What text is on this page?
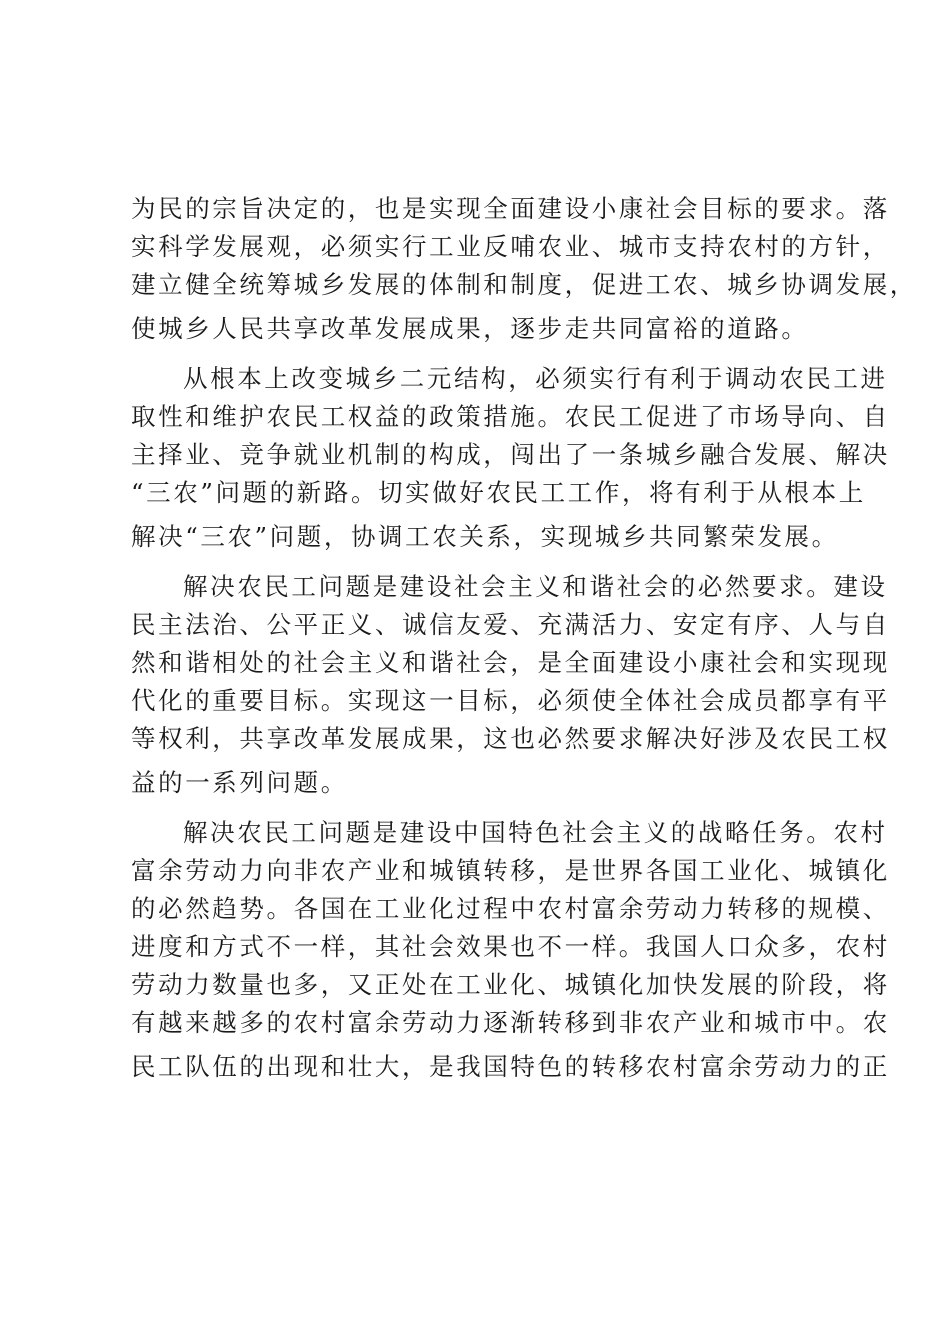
为民的宗旨决定的，也是实现全面建设小康社会目标的要求。落
实科学发展观，必须实行工业反哺农业、城市支持农村的方针，
建立健全统筹城乡发展的体制和制度，促进工农、城乡协调发展，
使城乡人民共享改革发展成果，逐步走共同富裕的道路。
从根本上改变城乡二元结构，必须实行有利于调动农民工进
取性和维护农民工权益的政策措施。农民工促进了市场导向、自
主择业、竞争就业机制的构成，闯出了一条城乡融合发展、解决
“三农”问题的新路。切实做好农民工工作，将有利于从根本上
解决“三农”问题，协调工农关系，实现城乡共同繁荣发展。
解决农民工问题是建设社会主义和谐社会的必然要求。建设
民主法治、公平正义、诚信友爱、充满活力、安定有序、人与自
然和谐相处的社会主义和谐社会，是全面建设小康社会和实现现
代化的重要目标。实现这一目标，必须使全体社会成员都享有平
等权利，共享改革发展成果，这也必然要求解决好涉及农民工权
益的一系列问题。
解决农民工问题是建设中国特色社会主义的战略任务。农村
富余劳动力向非农产业和城镇转移，是世界各国工业化、城镇化
的必然趋势。各国在工业化过程中农村富余劳动力转移的规模、
进度和方式不一样，其社会效果也不一样。我国人口众多，农村
劳动力数量也多，又正处在工业化、城镇化加快发展的阶段，将
有越来越多的农村富余劳动力逐渐转移到非农产业和城市中。农
民工队伍的出现和壮大，是我国特色的转移农村富余劳动力的正
